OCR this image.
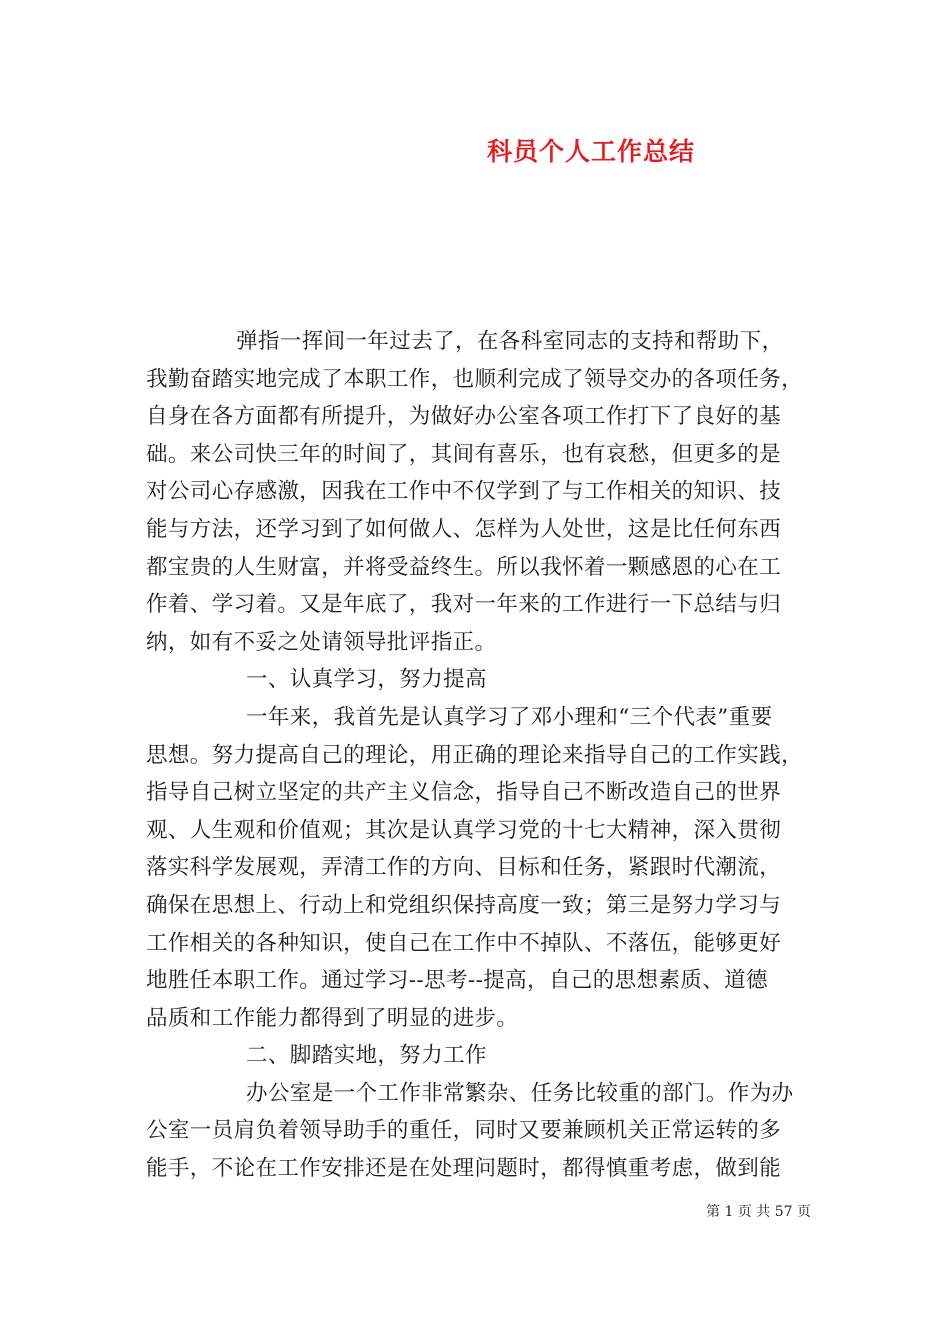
科员个人工作总结
弹指一挥间一年过去了，在各科室同志的支持和帮助下，
我勤奋踏实地完成了本职工作，也顺利完成了领导交办的各项任务，
自身在各方面都有所提升，为做好办公室各项工作打下了良好的基
础。来公司快三年的时间了，其间有喜乐，也有哀愁，但更多的是
对公司心存感激，因我在工作中不仅学到了与工作相关的知识、技
能与方法，还学习到了如何做人、怎样为人处世，这是比任何东西
都宝贵的人生财富，并将受益终生。所以我怀着一颗感恩的心在工
作着、学习着。又是年底了，我对一年来的工作进行一下总结与归
纳，如有不妥之处请领导批评指正。
一、认真学习，努力提高
一年来，我首先是认真学习了邓小理和“三个代表”重要
思想。努力提高自己的理论，用正确的理论来指导自己的工作实践，
指导自己树立坚定的共产主义信念，指导自己不断改造自己的世界
观、人生观和价值观；其次是认真学习党的十七大精神，深入贯彻
落实科学发展观，弄清工作的方向、目标和任务，紧跟时代潮流，
确保在思想上、行动上和党组织保持高度一致；第三是努力学习与
工作相关的各种知识，使自己在工作中不掉队、不落伍，能够更好
地胜任本职工作。通过学习--思考--提高，自己的思想素质、道德
品质和工作能力都得到了明显的进步。
二、脚踏实地，努力工作
办公室是一个工作非常繁杂、任务比较重的部门。作为办
公室一员肩负着领导助手的重任，同时又要兼顾机关正常运转的多
能手，不论在工作安排还是在处理问题时，都得慎重考虑，做到能
第 1 页 共 57 页
